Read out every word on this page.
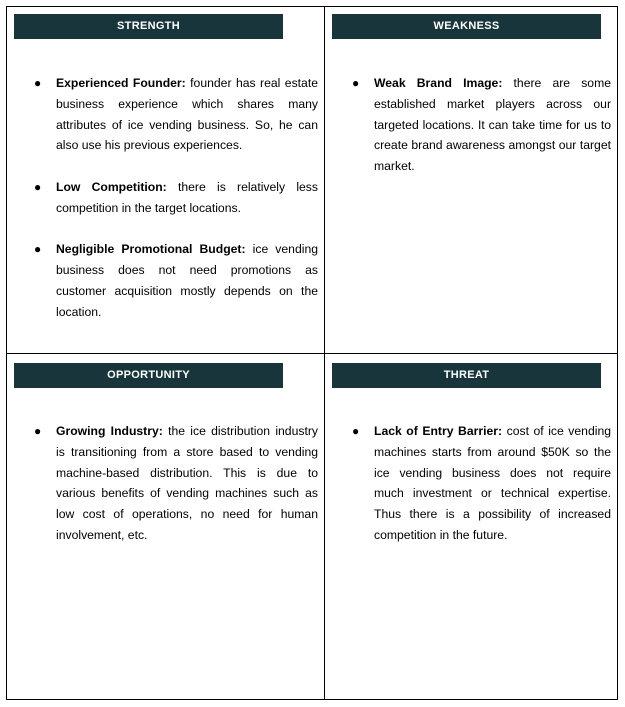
STRENGTH
● Experienced Founder: founder has real estate business experience which shares many attributes of ice vending business. So, he can also use his previous experiences.
● Low Competition: there is relatively less competition in the target locations.
● Negligible Promotional Budget: ice vending business does not need promotions as customer acquisition mostly depends on the location.
WEAKNESS
● Weak Brand Image: there are some established market players across our targeted locations. It can take time for us to create brand awareness amongst our target market.
OPPORTUNITY
● Growing Industry: the ice distribution industry is transitioning from a store based to vending machine-based distribution. This is due to various benefits of vending machines such as low cost of operations, no need for human involvement, etc.
THREAT
● Lack of Entry Barrier: cost of ice vending machines starts from around $50K so the ice vending business does not require much investment or technical expertise. Thus there is a possibility of increased competition in the future.
